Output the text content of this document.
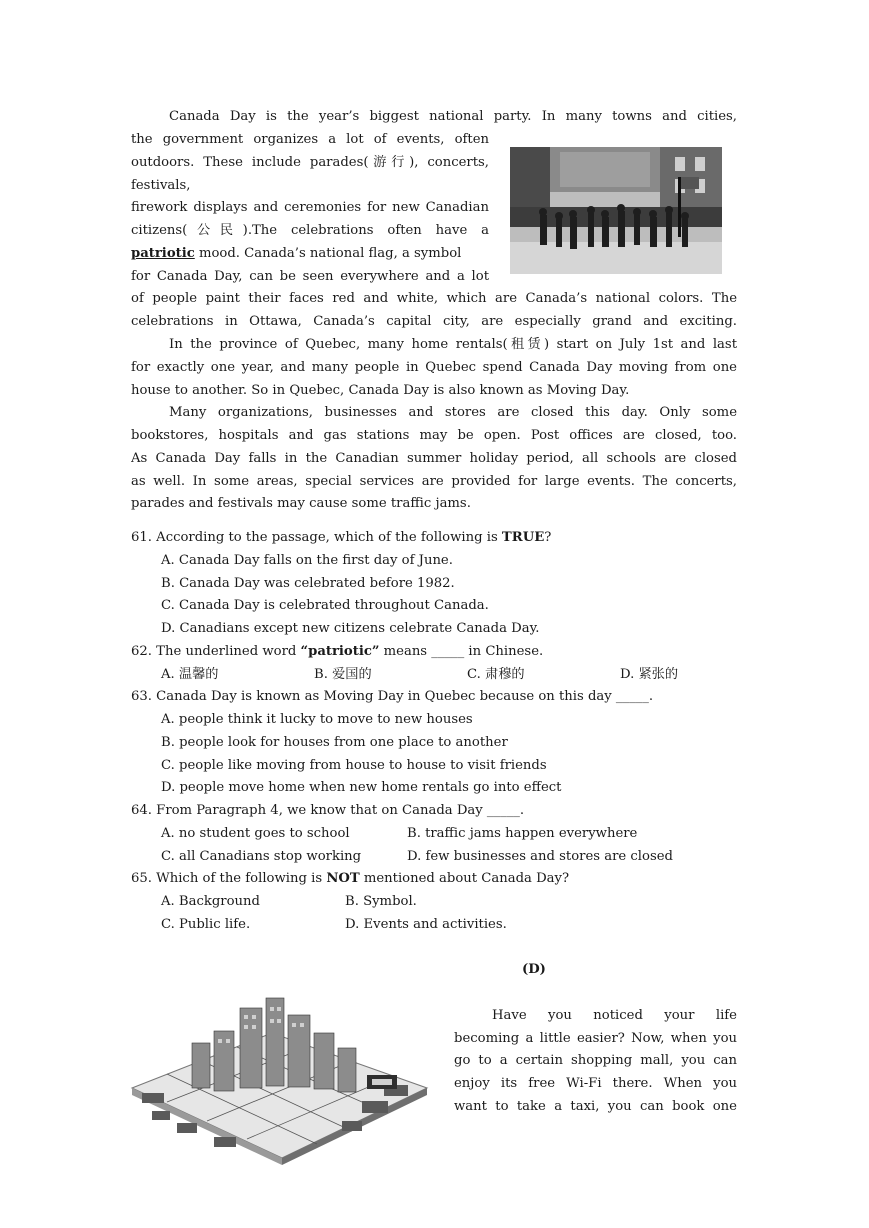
Canada Day is the year’s biggest national party. In many towns and cities,
the government organizes a lot of events, often
outdoors. These include parades(游行), concerts,
festivals,
firework displays and ceremonies for new Canadian
citizens(公民).The celebrations often have a
patriotic mood. Canada’s national flag, a symbol
for Canada Day, can be seen everywhere and a lot
of people paint their faces red and white, which are Canada’s national colors. The
celebrations in Ottawa, Canada’s capital city, are especially grand and exciting.
In the province of Quebec, many home rentals(租赁) start on July 1st and last
for exactly one year, and many people in Quebec spend Canada Day moving from one
house to another. So in Quebec, Canada Day is also known as Moving Day.
Many organizations, businesses and stores are closed this day. Only some
bookstores, hospitals and gas stations may be open. Post offices are closed, too.
As Canada Day falls in the Canadian summer holiday period, all schools are closed
as well. In some areas, special services are provided for large events. The concerts,
parades and festivals may cause some traffic jams.
61. According to the passage, which of the following is TRUE?
A. Canada Day falls on the first day of June.
B. Canada Day was celebrated before 1982.
C. Canada Day is celebrated throughout Canada.
D. Canadians except new citizens celebrate Canada Day.
62. The underlined word “patriotic” means _____ in Chinese.
A. 温馨的	B. 爱国的	C. 肃穆的	D. 紧张的
63. Canada Day is known as Moving Day in Quebec because on this day _____.
A. people think it lucky to move to new houses
B. people look for houses from one place to another
C. people like moving from house to house to visit friends
D. people move home when new home rentals go into effect
64. From Paragraph 4, we know that on Canada Day _____.
A. no student goes to school	B. traffic jams happen everywhere
C. all Canadians stop working	D. few businesses and stores are closed
65. Which of the following is NOT mentioned about Canada Day?
A. Background	B. Symbol.
C. Public life.	D. Events and activities.
(D)
Have you noticed your life
becoming a little easier? Now, when you
go to a certain shopping mall, you can
enjoy its free Wi-Fi there. When you
want to take a taxi, you can book one
